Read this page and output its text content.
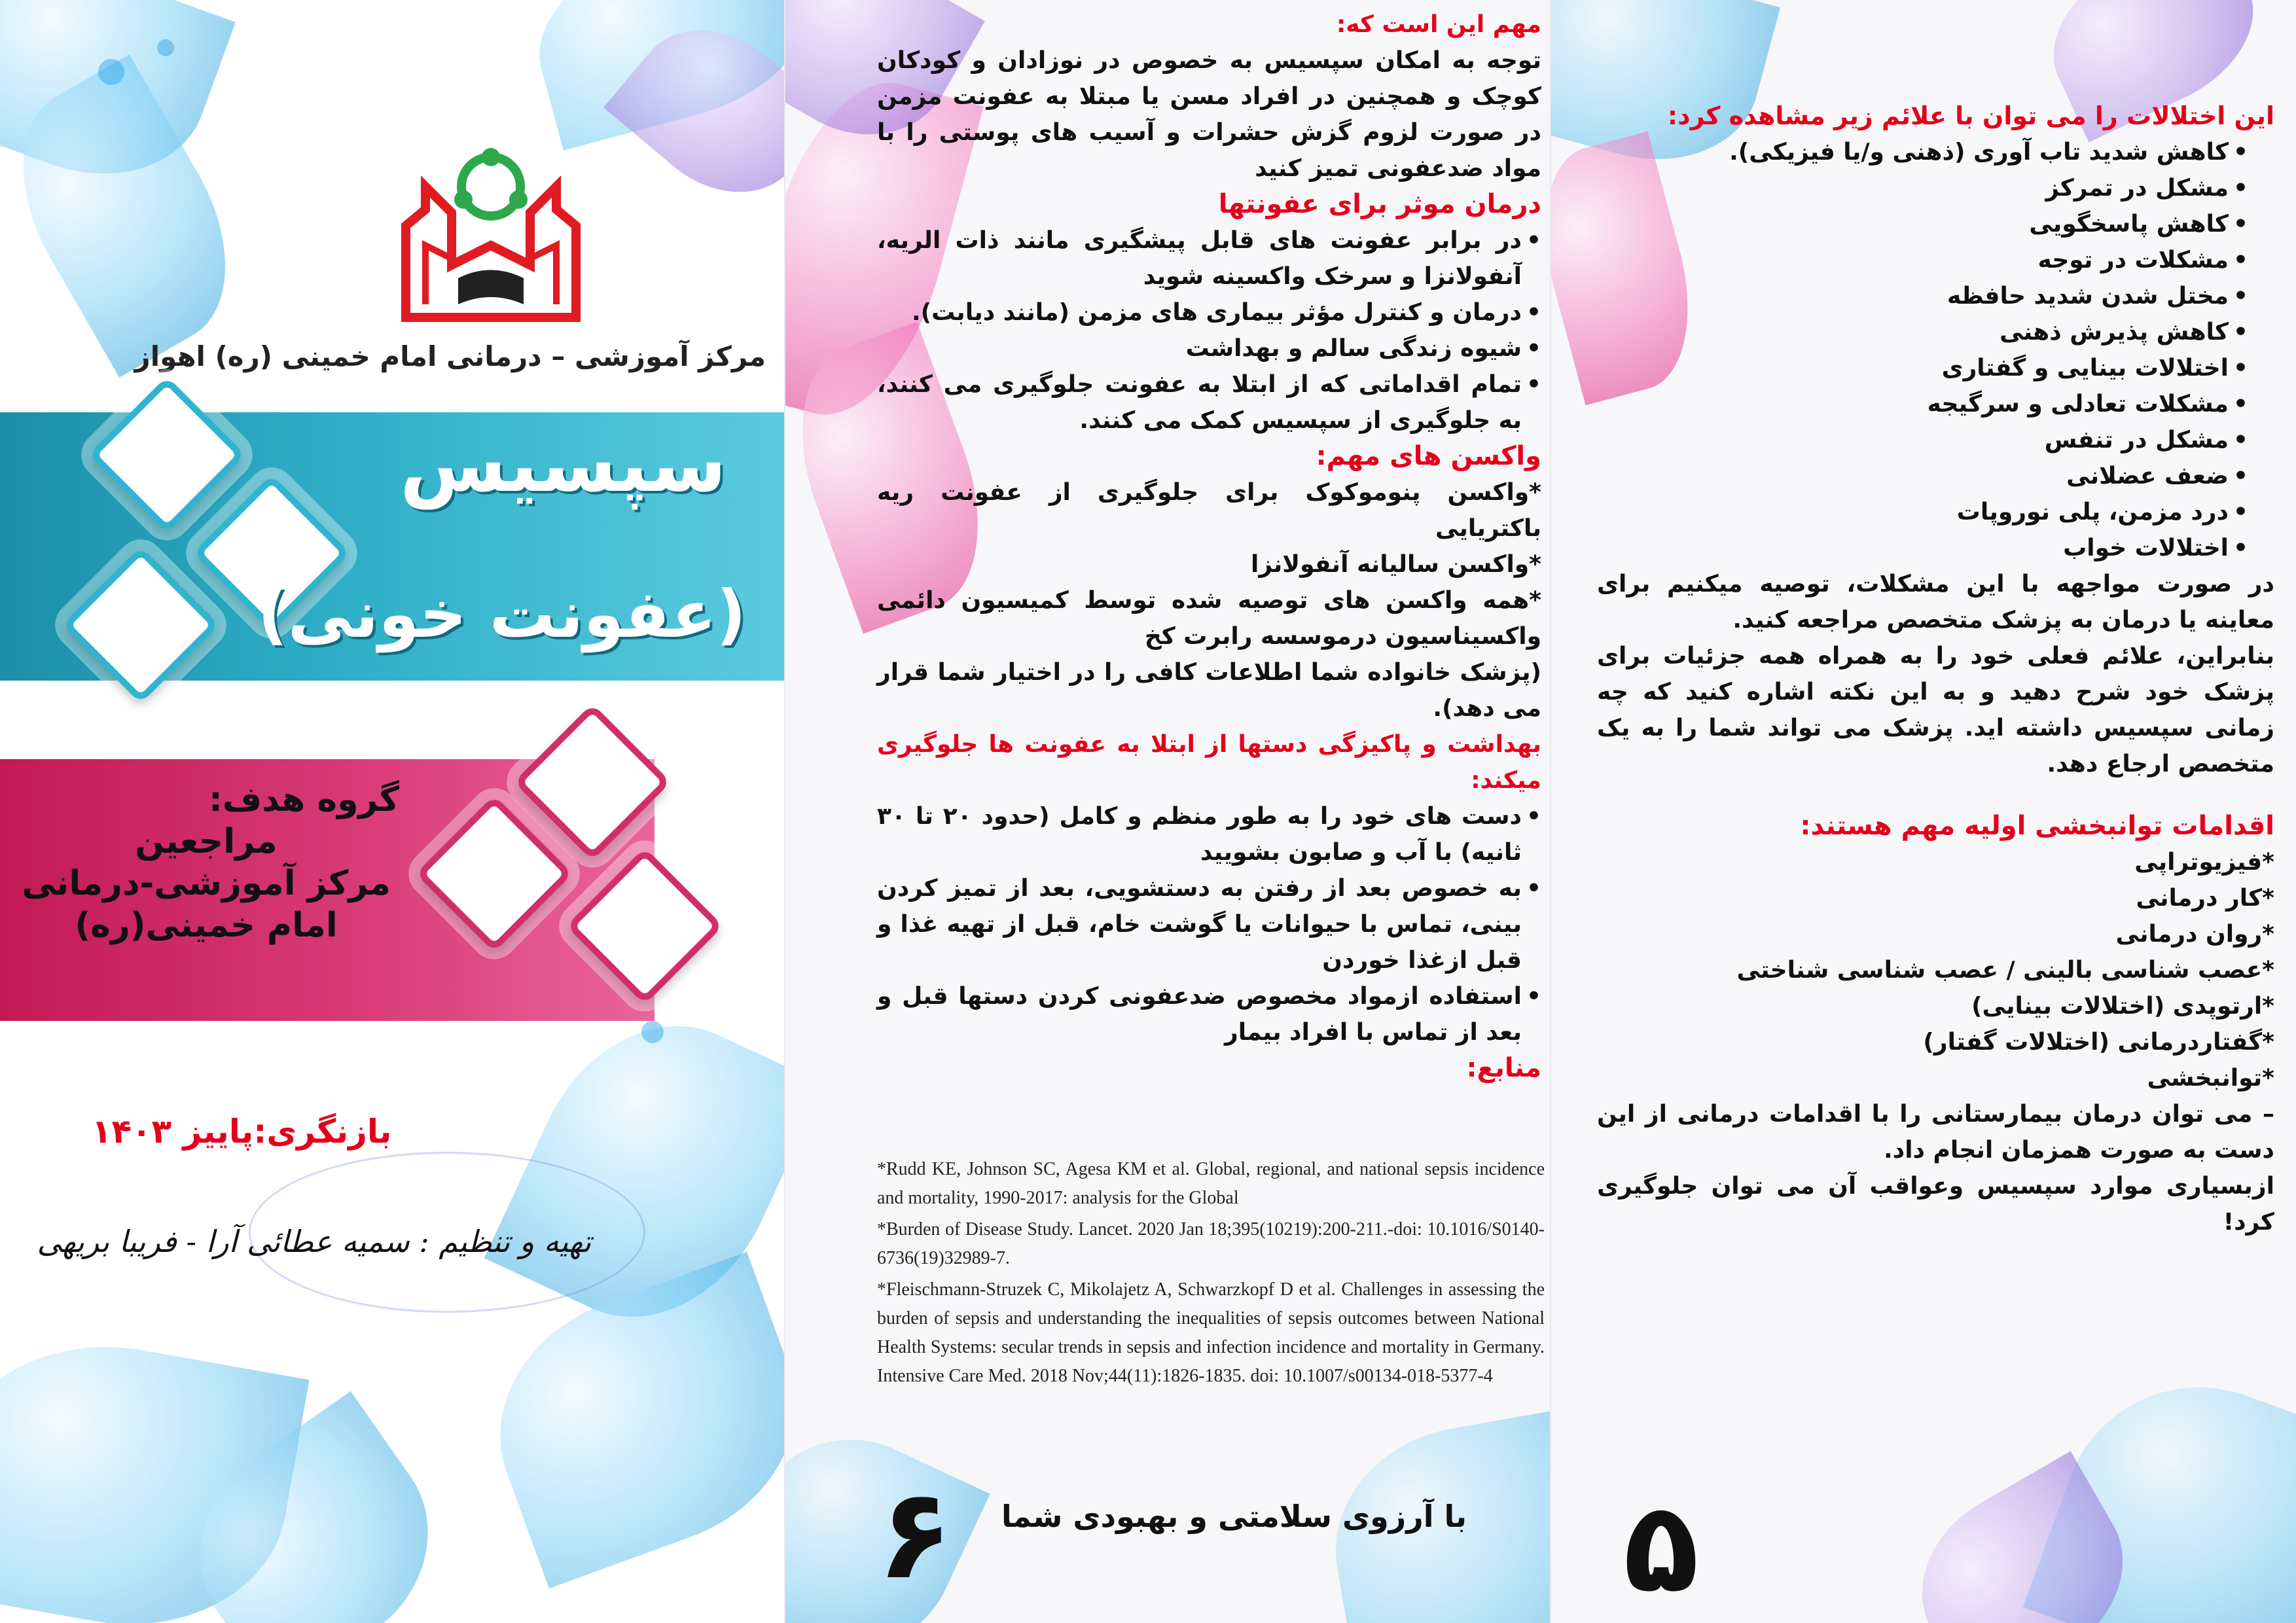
مرکز آموزشی – درمانی امام خمینی (ره) اهواز
سپسیس
(عفونت خونی)
گروه هدف:
مراجعین
مرکز آموزشی-درمانی
امام خمینی(ره)
بازنگری:پاییز ۱۴۰۳
تهیه و تنظیم : سمیه عطائی آرا - فریبا بریهی

مهم این است که:

توجه به امکان سپسیس به خصوص در نوزادان و کودکان کوچک و همچنین در افراد مسن یا مبتلا به عفونت مزمن در صورت لزوم گزش حشرات و آسیب های پوستی را با مواد ضدعفونی تمیز کنید

درمان موثر برای عفونتها

• در برابر عفونت های قابل پیشگیری مانند ذات الریه، آنفولانزا و سرخک واکسینه شوید
• درمان و کنترل مؤثر بیماری های مزمن (مانند دیابت).
• شیوه زندگی سالم و بهداشت
• تمام اقداماتی که از ابتلا به عفونت جلوگیری می کنند، به جلوگیری از سپسیس کمک می کنند.

واکسن های مهم:

*واکسن پنوموکوک برای جلوگیری از عفونت ریه باکتریایی

*واکسن سالیانه آنفولانزا

*همه واکسن های توصیه شده توسط کمیسیون دائمی واکسیناسیون درموسسه رابرت کخ

(پزشک خانواده شما اطلاعات کافی را در اختیار شما قرار می دهد).

بهداشت و پاکیزگی دستها از ابتلا به عفونت ها جلوگیری میکند:

• دست های خود را به طور منظم و کامل (حدود ۲۰ تا ۳۰ ثانیه) با آب و صابون بشویید
• به خصوص بعد از رفتن به دستشویی، بعد از تمیز کردن بینی، تماس با حیوانات یا گوشت خام، قبل از تهیه غذا و قبل ازغذا خوردن
• استفاده ازمواد مخصوص ضدعفونی کردن دستها قبل و بعد از تماس با افراد بیمار

منابع:

*Rudd KE, Johnson SC, Agesa KM et al. Global, regional, and national sepsis incidence and mortality, 1990-2017: analysis for the Global

*Burden of Disease Study. Lancet. 2020 Jan 18;395(10219):200-211.-doi: 10.1016/S0140-6736(19)32989-7.

*Fleischmann-Struzek C, Mikolajetz A, Schwarzkopf D et al. Challenges in assessing the burden of sepsis and understanding the inequalities of sepsis outcomes between National Health Systems: secular trends in sepsis and infection incidence and mortality in Germany. Intensive Care Med. 2018 Nov;44(11):1826-1835. doi: 10.1007/s00134-018-5377-4

با آرزوی سلامتی و بهبودی شما
۶

این اختلالات را می توان با علائم زیر مشاهده کرد:

• کاهش شدید تاب آوری (ذهنی و/یا فیزیکی).
• مشکل در تمرکز
• کاهش پاسخگویی
• مشکلات در توجه
• مختل شدن شدید حافظه
• کاهش پذیرش ذهنی
• اختلالات بینایی و گفتاری
• مشکلات تعادلی و سرگیجه
• مشکل در تنفس
• ضعف عضلانی
• درد مزمن، پلی نوروپات
• اختلالات خواب

در صورت مواجهه با این مشکلات، توصیه میکنیم برای معاینه یا درمان به پزشک متخصص مراجعه کنید.

بنابراین، علائم فعلی خود را به همراه همه جزئیات برای پزشک خود شرح دهید و به این نکته اشاره کنید که چه زمانی سپسیس داشته اید. پزشک می تواند شما را به یک متخصص ارجاع دهد.

اقدامات توانبخشی اولیه مهم هستند:

*فیزیوتراپی

*کار درمانی

*روان درمانی

*عصب شناسی بالینی / عصب شناسی شناختی

*ارتوپدی (اختلالات بینایی)

*گفتاردرمانی (اختلالات گفتار)

*توانبخشی

– می توان درمان بیمارستانی را با اقدامات درمانی از این دست به صورت همزمان انجام داد.

ازبسیاری موارد سپسیس وعواقب آن می توان جلوگیری کرد!

۵
